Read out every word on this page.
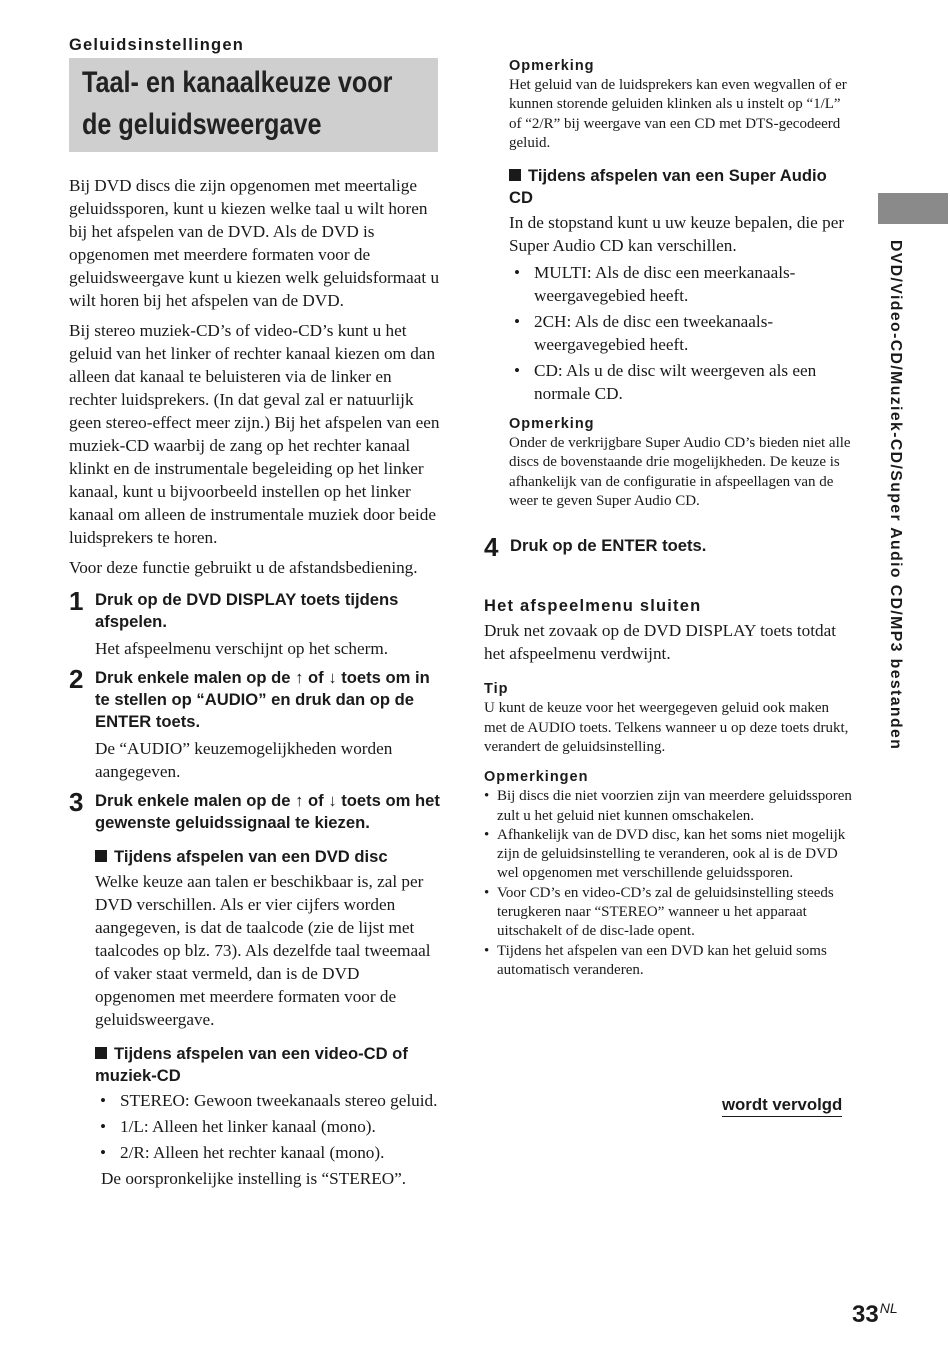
Geluidsinstellingen
Taal- en kanaalkeuze voor
de geluidsweergave

Bij DVD discs die zijn opgenomen met meertalige geluidssporen, kunt u kiezen welke taal u wilt horen bij het afspelen van de DVD. Als de DVD is opgenomen met meerdere formaten voor de geluidsweergave kunt u kiezen welk geluidsformaat u wilt horen bij het afspelen van de DVD.

Bij stereo muziek-CD’s of video-CD’s kunt u het geluid van het linker of rechter kanaal kiezen om dan alleen dat kanaal te beluisteren via de linker en rechter luidsprekers. (In dat geval zal er natuurlijk geen stereo-effect meer zijn.) Bij het afspelen van een muziek-CD waarbij de zang op het rechter kanaal klinkt en de instrumentale begeleiding op het linker kanaal, kunt u bijvoorbeeld instellen op het linker kanaal om alleen de instrumentale muziek door beide luidsprekers te horen.

Voor deze functie gebruikt u de afstandsbediening.

1 Druk op de DVD DISPLAY toets tijdens afspelen.

Het afspeelmenu verschijnt op het scherm.

2 Druk enkele malen op de ↑ of ↓ toets om in te stellen op “AUDIO” en druk dan op de ENTER toets.

De “AUDIO” keuzemogelijkheden worden aangegeven.

3 Druk enkele malen op de ↑ of ↓ toets om het gewenste geluidssignaal te kiezen.

Tijdens afspelen van een DVD disc

Welke keuze aan talen er beschikbaar is, zal per DVD verschillen. Als er vier cijfers worden aangegeven, is dat de taalcode (zie de lijst met taalcodes op blz. 73). Als dezelfde taal tweemaal of vaker staat vermeld, dan is de DVD opgenomen met meerdere formaten voor de geluidsweergave.

Tijdens afspelen van een video-CD of muziek-CD
• STEREO: Gewoon tweekanaals stereo geluid.
• 1/L: Alleen het linker kanaal (mono).
• 2/R: Alleen het rechter kanaal (mono).

De oorspronkelijke instelling is “STEREO”.

Opmerking

Het geluid van de luidsprekers kan even wegvallen of er kunnen storende geluiden klinken als u instelt op “1/L” of “2/R” bij weergave van een CD met DTS-gecodeerd geluid.

Tijdens afspelen van een Super Audio CD

In de stopstand kunt u uw keuze bepalen, die per Super Audio CD kan verschillen.

• MULTI: Als de disc een meerkanaals-weergavegebied heeft.
• 2CH: Als de disc een tweekanaals-weergavegebied heeft.
• CD: Als u de disc wilt weergeven als een normale CD.
Opmerking

Onder de verkrijgbare Super Audio CD’s bieden niet alle discs de bovenstaande drie mogelijkheden. De keuze is afhankelijk van de configuratie in afspeellagen van de weer te geven Super Audio CD.

4 Druk op de ENTER toets.

Het afspeelmenu sluiten

Druk net zovaak op de DVD DISPLAY toets totdat het afspeelmenu verdwijnt.

Tip

U kunt de keuze voor het weergegeven geluid ook maken met de AUDIO toets. Telkens wanneer u op deze toets drukt, verandert de geluidsinstelling.

Opmerkingen
• Bij discs die niet voorzien zijn van meerdere geluidssporen zult u het geluid niet kunnen omschakelen.
• Afhankelijk van de DVD disc, kan het soms niet mogelijk zijn de geluidsinstelling te veranderen, ook al is de DVD wel opgenomen met verschillende geluidssporen.
• Voor CD’s en video-CD’s zal de geluidsinstelling steeds terugkeren naar “STEREO” wanneer u het apparaat uitschakelt of de disc-lade opent.
• Tijdens het afspelen van een DVD kan het geluid soms automatisch veranderen.
wordt vervolgd
$33^{NL}$
DVD/Video-CD/Muziek-CD/Super Audio CD/MP3 bestanden
